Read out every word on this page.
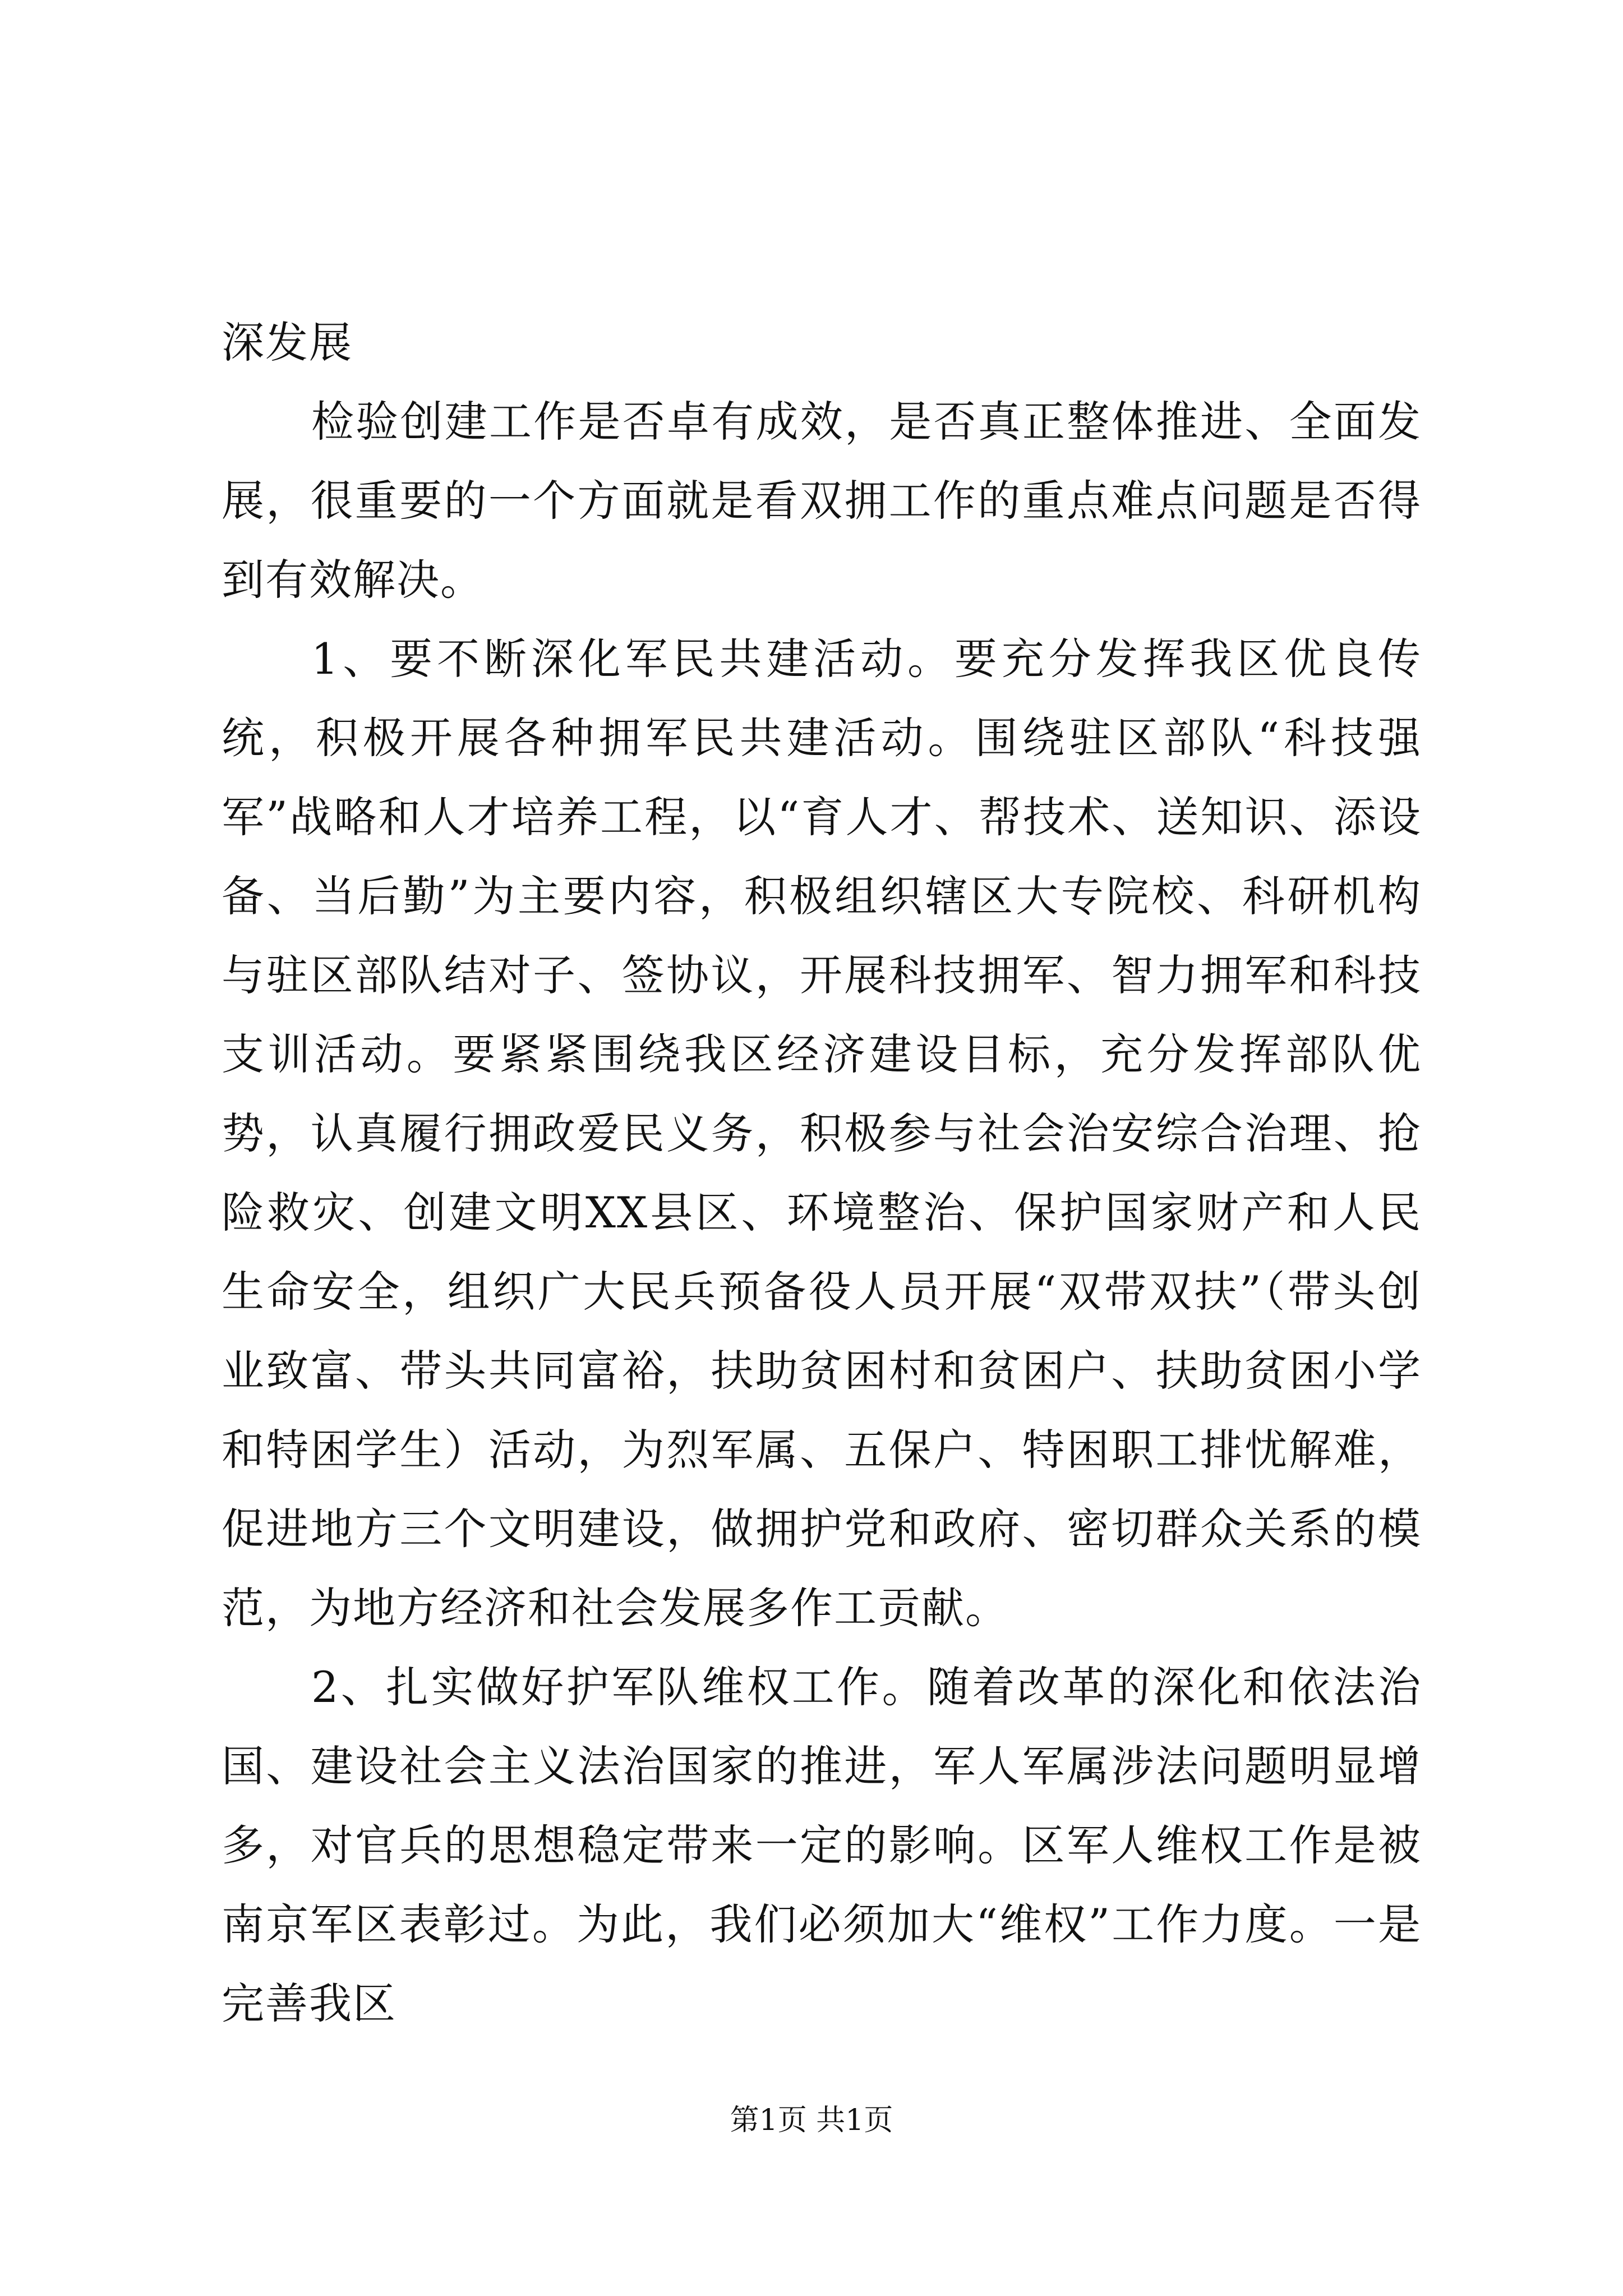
深发展

检验创建工作是否卓有成效，是否真正整体推进、全面发展，很重要的一个方面就是看双拥工作的重点难点问题是否得到有效解决。

1、要不断深化军民共建活动。要充分发挥我区优良传统，积极开展各种拥军民共建活动。围绕驻区部队“科技强军”战略和人才培养工程，以“育人才、帮技术、送知识、添设备、当后勤”为主要内容，积极组织辖区大专院校、科研机构与驻区部队结对子、签协议，开展科技拥军、智力拥军和科技支训活动。要紧紧围绕我区经济建设目标，充分发挥部队优势，认真履行拥政爱民义务，积极参与社会治安综合治理、抢险救灾、创建文明XX县区、环境整治、保护国家财产和人民生命安全，组织广大民兵预备役人员开展“双带双扶”（带头创业致富、带头共同富裕，扶助贫困村和贫困户、扶助贫困小学和特困学生）活动，为烈军属、五保户、特困职工排忧解难，促进地方三个文明建设，做拥护党和政府、密切群众关系的模范，为地方经济和社会发展多作工贡献。

2、扎实做好护军队维权工作。随着改革的深化和依法治国、建设社会主义法治国家的推进，军人军属涉法问题明显增多，对官兵的思想稳定带来一定的影响。区军人维权工作是被南京军区表彰过。为此，我们必须加大“维权”工作力度。一是完善我区

第1页 共1页
